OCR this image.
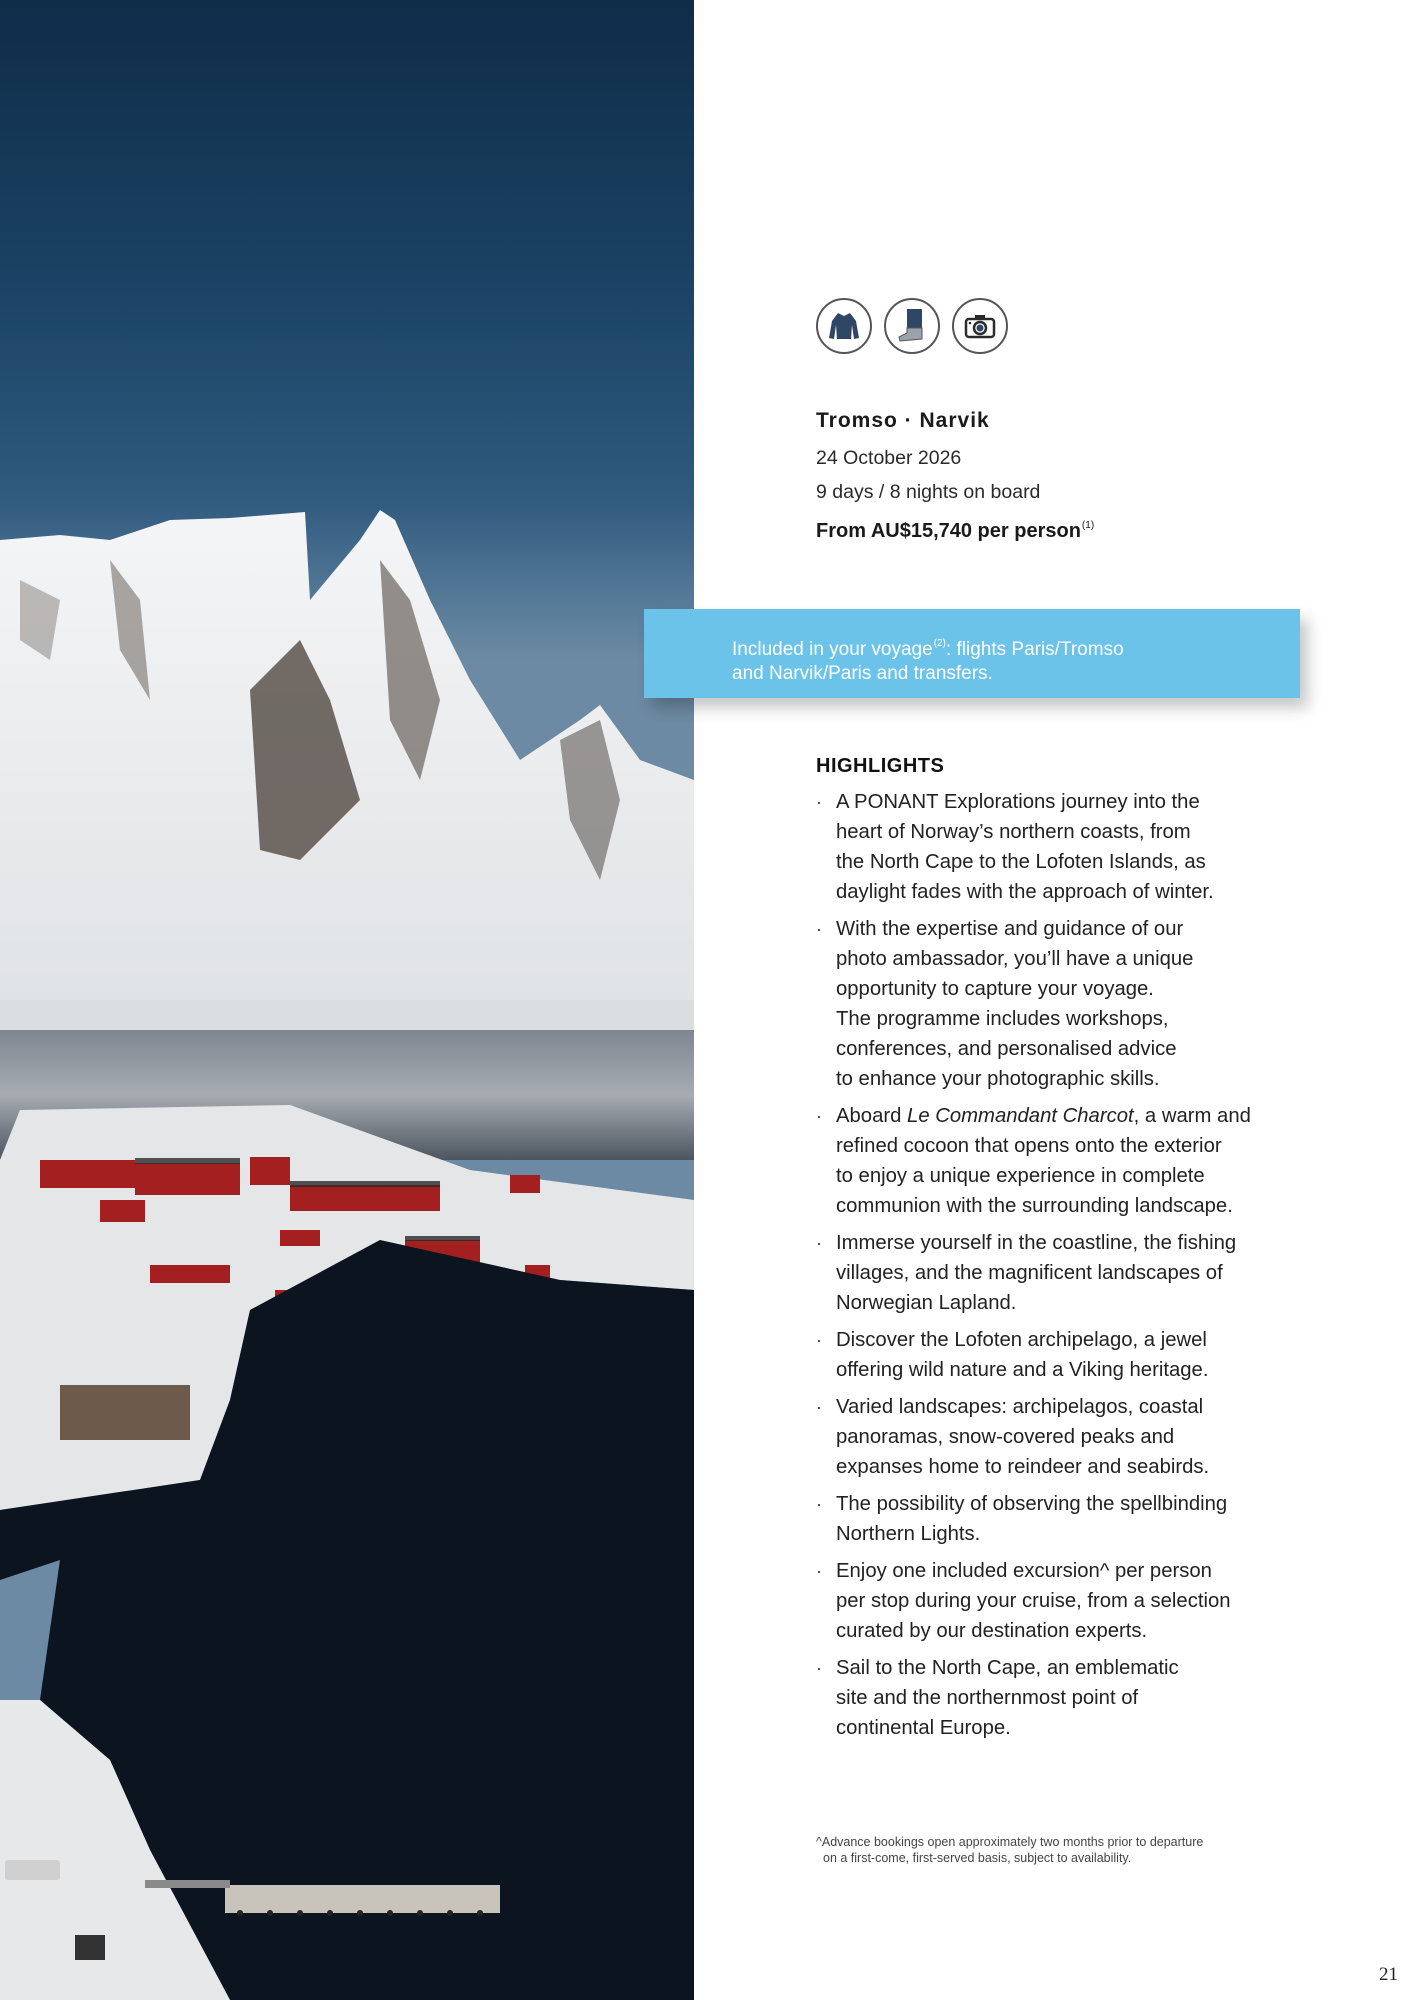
Tromso · Narvik
24 October 2026
9 days / 8 nights on board
From AU$15,740 per person$^{(1)}$
Included in your voyage$^{(2)}$: flights Paris/Tromso
and Narvik/Paris and transfers.
HIGHLIGHTS
· A PONANT Explorations journey into the
heart of Norway’s northern coasts, from
the North Cape to the Lofoten Islands, as
daylight fades with the approach of winter.
· With the expertise and guidance of our
photo ambassador, you’ll have a unique
opportunity to capture your voyage.
The programme includes workshops,
conferences, and personalised advice
to enhance your photographic skills.
· Aboard Le Commandant Charcot, a warm and
refined cocoon that opens onto the exterior
to enjoy a unique experience in complete
communion with the surrounding landscape.
· Immerse yourself in the coastline, the fishing
villages, and the magnificent landscapes of
Norwegian Lapland.
· Discover the Lofoten archipelago, a jewel
offering wild nature and a Viking heritage.
· Varied landscapes: archipelagos, coastal
panoramas, snow-covered peaks and
expanses home to reindeer and seabirds.
· The possibility of observing the spellbinding
Northern Lights.
· Enjoy one included excursion^ per person
per stop during your cruise, from a selection
curated by our destination experts.
· Sail to the North Cape, an emblematic
site and the northernmost point of
continental Europe.
^Advance bookings open approximately two months prior to departure
on a first-come, first-served basis, subject to availability.
21
